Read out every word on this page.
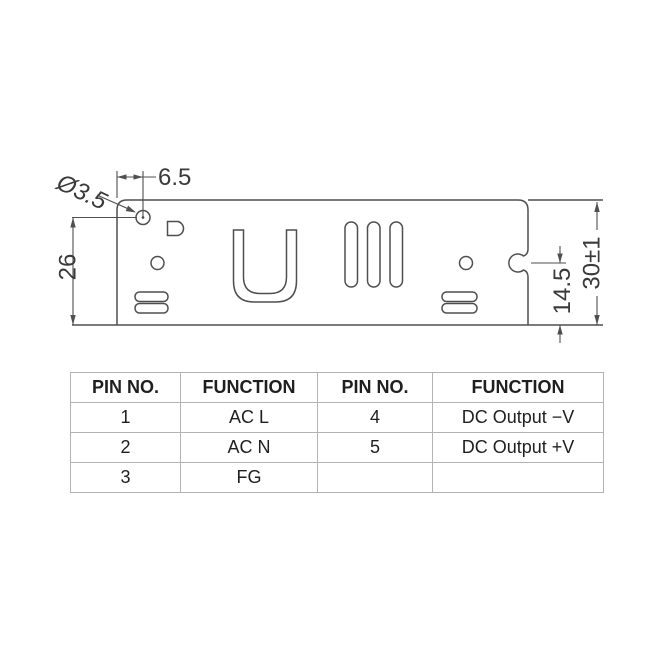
6.5
Ø3.5
26
14.5
30±1
PIN NO.	FUNCTION	PIN NO.	FUNCTION
1	AC L	4	DC Output −V
2	AC N	5	DC Output +V
3	FG		
